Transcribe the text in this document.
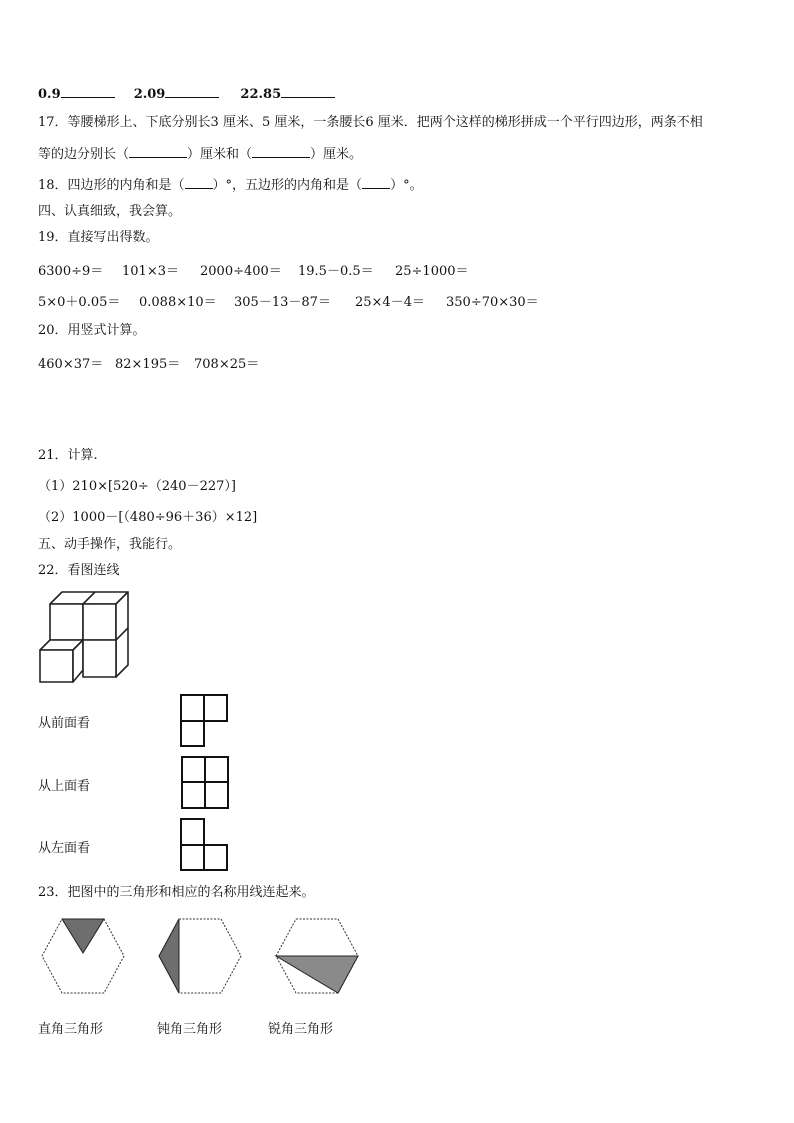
0.9	2.09	22.85
17．等腰梯形上、下底分别长3 厘米、5 厘米，一条腰长6 厘米．把两个这样的梯形拼成一个平行四边形，两条不相
等的边分别长（	）厘米和（	）厘米。
18．四边形的内角和是（ ）°，五边形的内角和是（ ）°。
四、认真细致，我会算。
19．直接写出得数。
6300÷9＝ 101×3＝ 2000÷400＝ 19.5－0.5＝ 25÷1000＝
5×0＋0.05＝ 0.088×10＝ 305－13－87＝ 25×4－4＝ 350÷70×30＝
20．用竖式计算。
460×37＝ 82×195＝ 708×25＝
21．计算.
（1）210×[520÷（240－227）]
（2）1000－[（480÷96＋36）×12]
五、动手操作，我能行。
22．看图连线
从前面看
从上面看
从左面看
23．把图中的三角形和相应的名称用线连起来。
直角三角形	钝角三角形	锐角三角形
